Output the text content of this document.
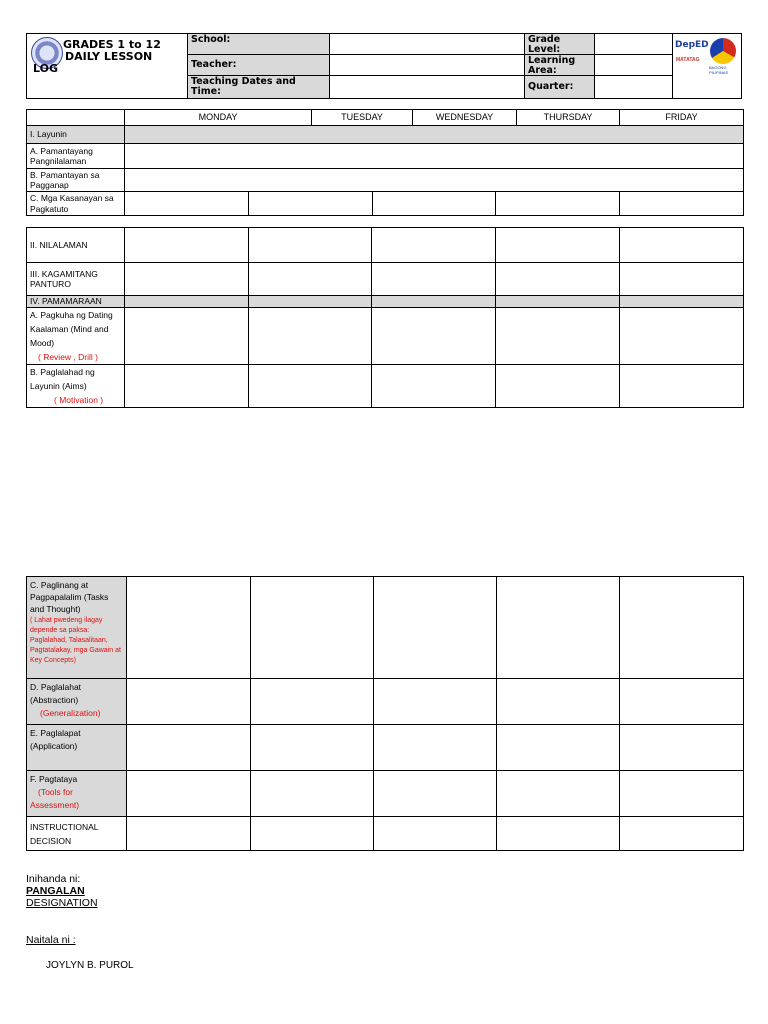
GRADES 1 to 12
DAILY LESSON
LOG
School:	Grade Level:
Teacher:	Learning Area:
Teaching Dates and Time:	Quarter:
DepED
MATATAG
BAGONG PILIPINAS
	MONDAY	TUESDAY	WEDNESDAY	THURSDAY	FRIDAY
I. Layunin					
A. Pamantayang Pangnilalaman					
B. Pamantayan sa Pagganap					
C. Mga Kasanayan sa Pagkatuto					
II. NILALAMAN					
III. KAGAMITANG PANTURO					
IV. PAMAMARAAN					
A. Pagkuha ng Dating Kaalaman (Mind and Mood)
( Review , Drill )					
B. Paglalahad ng Layunin (Aims)
( Motivation )					
C. Paglinang at Pagpapalalim (Tasks and Thought)
( Lahat pwedeng ilagay depende sa paksa: Paglalahad, Talasalitaan, Pagtatalakay, mga Gawain at Key Concepts)					

D. Paglalahat (Abstraction)
(Generalization)					
E. Paglalapat (Application)					
F. Pagtataya
(Tools for Assessment)					
INSTRUCTIONAL DECISION					
Inihanda ni:
PANGALAN
DESIGNATION
Naitala ni :
JOYLYN B. PUROL
